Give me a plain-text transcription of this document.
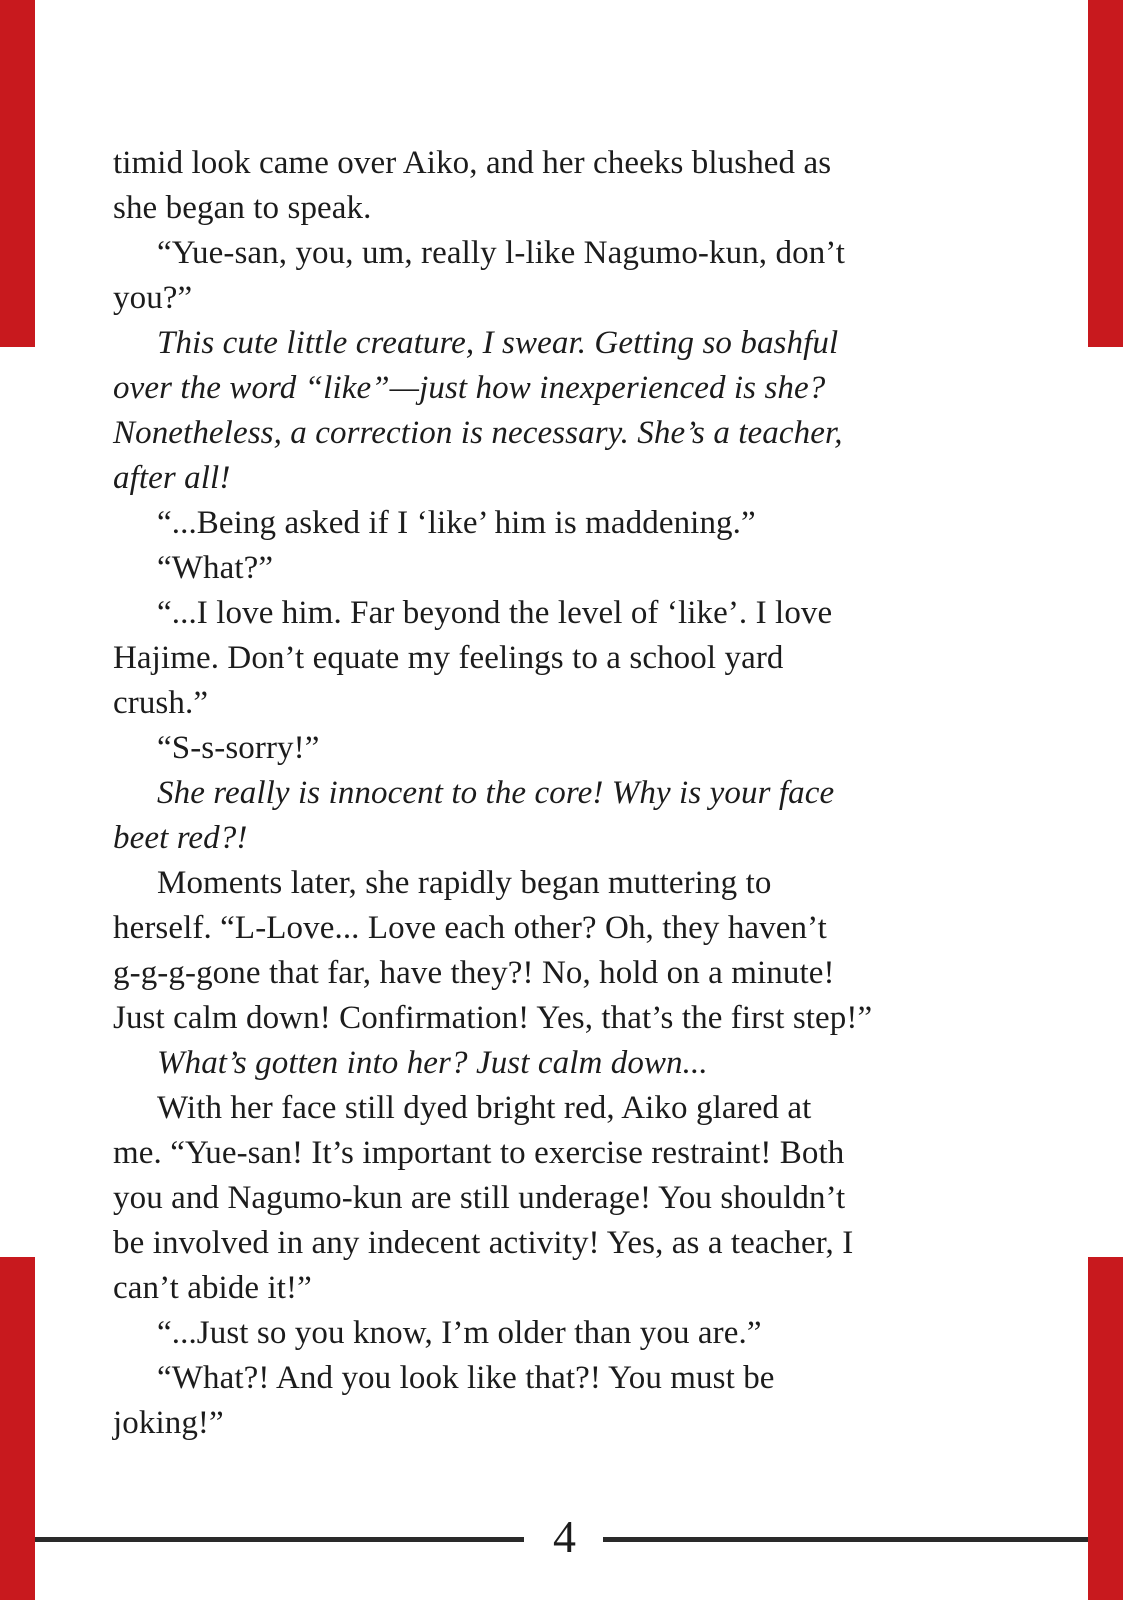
timid look came over Aiko, and her cheeks blushed as
she began to speak.

“Yue-san, you, um, really l-like Nagumo-kun, don’t
you?”

This cute little creature, I swear. Getting so bashful
over the word “like”—just how inexperienced is she?
Nonetheless, a correction is necessary. She’s a teacher,
after all!

“...Being asked if I ‘like’ him is maddening.”

“What?”

“...I love him. Far beyond the level of ‘like’. I love
Hajime. Don’t equate my feelings to a school yard
crush.”

“S-s-sorry!”

She really is innocent to the core! Why is your face
beet red?!

Moments later, she rapidly began muttering to
herself. “L-Love... Love each other? Oh, they haven’t
g-g-g-gone that far, have they?! No, hold on a minute!
Just calm down! Confirmation! Yes, that’s the first step!”

What’s gotten into her? Just calm down...

With her face still dyed bright red, Aiko glared at
me. “Yue-san! It’s important to exercise restraint! Both
you and Nagumo-kun are still underage! You shouldn’t
be involved in any indecent activity! Yes, as a teacher, I
can’t abide it!”

“...Just so you know, I’m older than you are.”

“What?! And you look like that?! You must be
joking!”

4
